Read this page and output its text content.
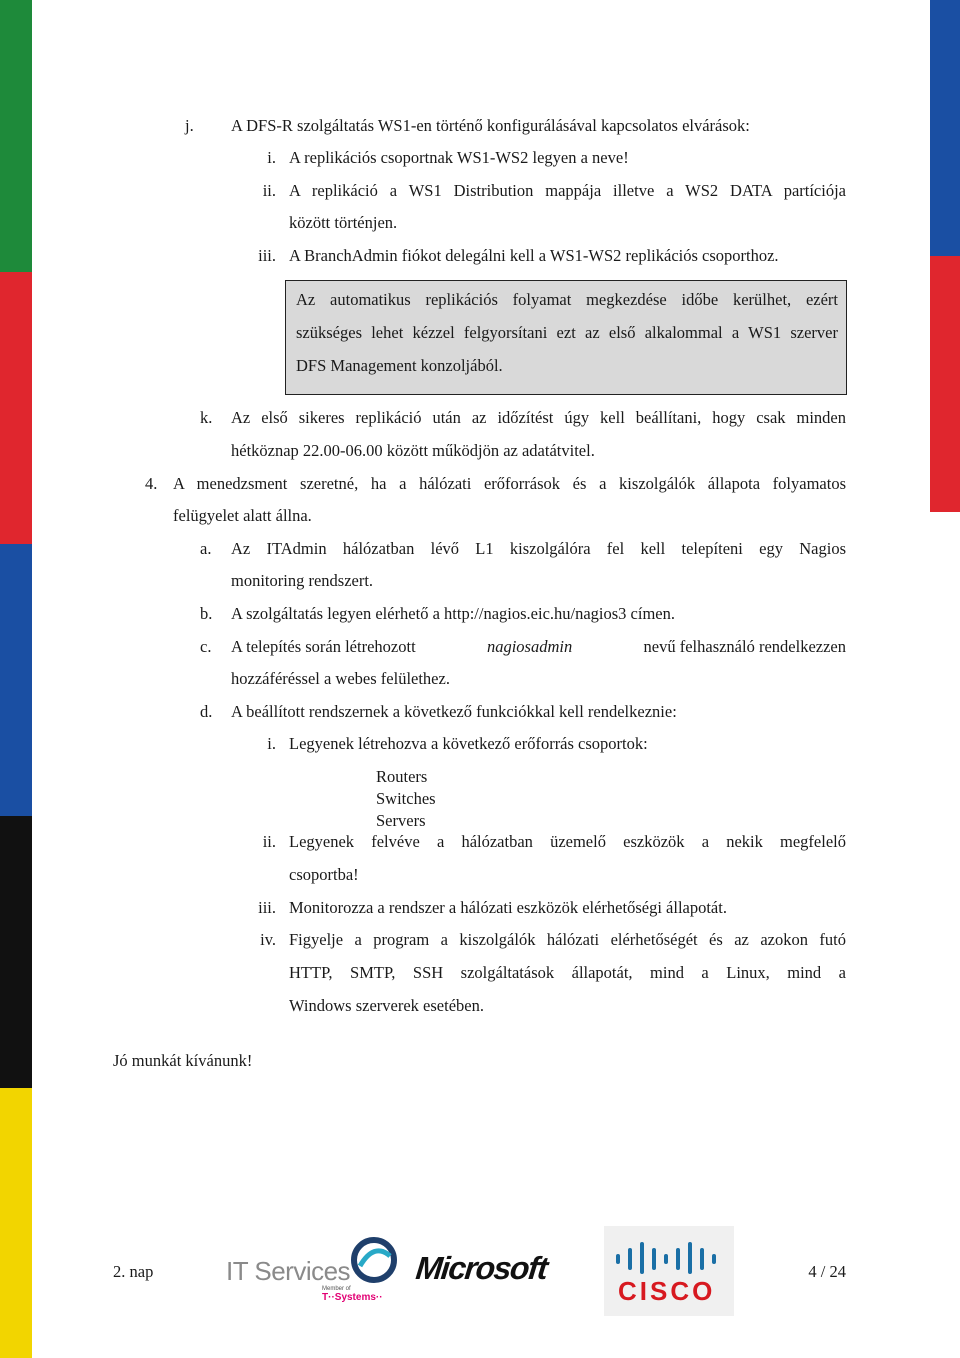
j.	A DFS-R szolgáltatás WS1-en történő konfigurálásával kapcsolatos elvárások:
i. A replikációs csoportnak WS1-WS2 legyen a neve!
ii. A replikáció a WS1 Distribution mappája illetve a WS2 DATA partíciója
között történjen.
iii. A BranchAdmin fiókot delegálni kell a WS1-WS2 replikációs csoporthoz.
Az automatikus replikációs folyamat megkezdése időbe kerülhet, ezért
szükséges lehet kézzel felgyorsítani ezt az első alkalommal a WS1 szerver
DFS Management konzoljából.
k.	Az első sikeres replikáció után az időzítést úgy kell beállítani, hogy csak minden
hétköznap 22.00-06.00 között működjön az adatátvitel.
4. A menedzsment szeretné, ha a hálózati erőforrások és a kiszolgálók állapota folyamatos
felügyelet alatt állna.
a.	Az ITAdmin hálózatban lévő L1 kiszolgálóra fel kell telepíteni egy Nagios
monitoring rendszert.
b.	A szolgáltatás legyen elérhető a http://nagios.eic.hu/nagios3 címen.
c.	A telepítés során létrehozott	nagiosadmin	nevű felhasználó rendelkezzen
hozzáféréssel a webes felülethez.
d.	A beállított rendszernek a következő funkciókkal kell rendelkeznie:
i. Legyenek létrehozva a következő erőforrás csoportok:
Routers
Switches
Servers
ii. Legyenek felvéve a hálózatban üzemelő eszközök a nekik megfelelő
csoportba!
iii. Monitorozza a rendszer a hálózati eszközök elérhetőségi állapotát.
iv. Figyelje a program a kiszolgálók hálózati elérhetőségét és az azokon futó
HTTP, SMTP, SSH szolgáltatások állapotát, mind a Linux, mind a
Windows szerverek esetében.
Jó munkát kívánunk!
2. nap	4 / 24
IT Services
Member of
T··Systems··
Microsoft
CISCO
